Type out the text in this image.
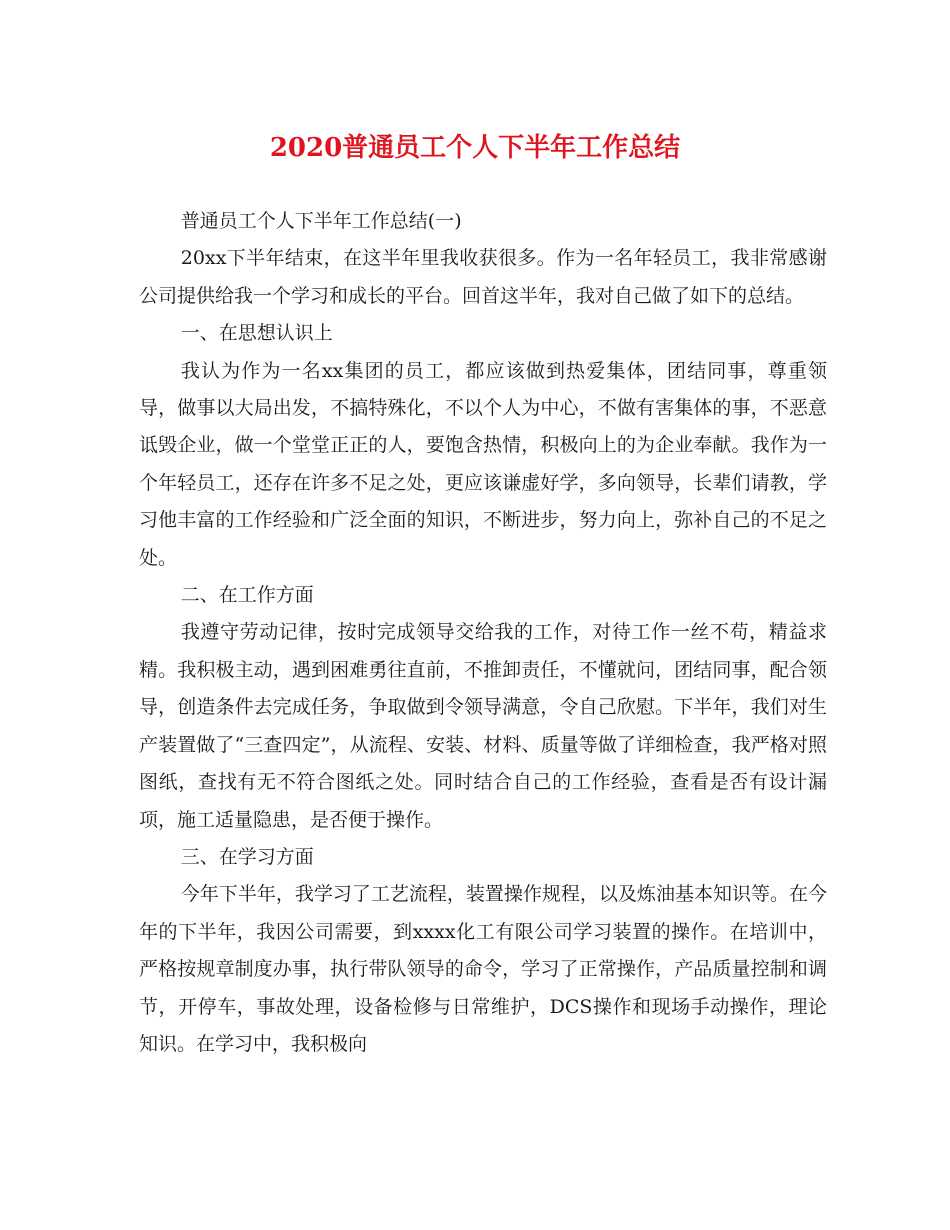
2020普通员工个人下半年工作总结

普通员工个人下半年工作总结(一)

20xx下半年结束，在这半年里我收获很多。作为一名年轻员工，我非常感谢公司提供给我一个学习和成长的平台。回首这半年，我对自己做了如下的总结。

一、在思想认识上

我认为作为一名xx集团的员工，都应该做到热爱集体，团结同事，尊重领导，做事以大局出发，不搞特殊化，不以个人为中心，不做有害集体的事，不恶意诋毁企业，做一个堂堂正正的人，要饱含热情，积极向上的为企业奉献。我作为一个年轻员工，还存在许多不足之处，更应该谦虚好学，多向领导，长辈们请教，学习他丰富的工作经验和广泛全面的知识，不断进步，努力向上，弥补自己的不足之处。

二、在工作方面

我遵守劳动记律，按时完成领导交给我的工作，对待工作一丝不苟，精益求精。我积极主动，遇到困难勇往直前，不推卸责任，不懂就问，团结同事，配合领导，创造条件去完成任务，争取做到令领导满意，令自己欣慰。下半年，我们对生产装置做了“三查四定”，从流程、安装、材料、质量等做了详细检查，我严格对照图纸，查找有无不符合图纸之处。同时结合自己的工作经验，查看是否有设计漏项，施工适量隐患，是否便于操作。

三、在学习方面

今年下半年，我学习了工艺流程，装置操作规程，以及炼油基本知识等。在今年的下半年，我因公司需要，到xxxx化工有限公司学习装置的操作。在培训中，严格按规章制度办事，执行带队领导的命令，学习了正常操作，产品质量控制和调节，开停车，事故处理，设备检修与日常维护，DCS操作和现场手动操作，理论知识。在学习中，我积极向
